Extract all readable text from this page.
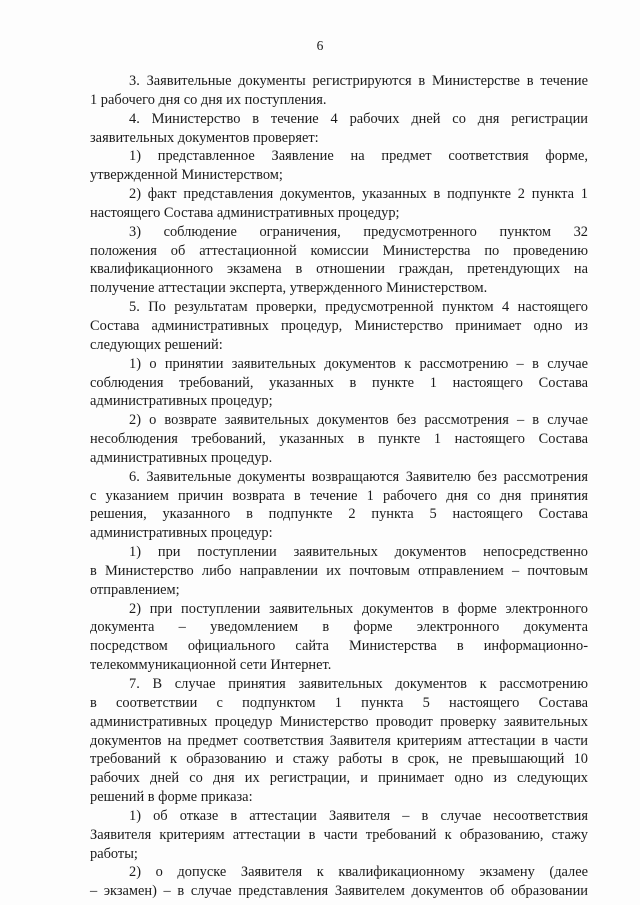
6
3. Заявительные документы регистрируются в Министерстве в течение
1 рабочего дня со дня их поступления.
4. Министерство в течение 4 рабочих дней со дня регистрации
заявительных документов проверяет:
1) представленное Заявление на предмет соответствия форме,
утвержденной Министерством;
2) факт представления документов, указанных в подпункте 2 пункта 1
настоящего Состава административных процедур;
3) соблюдение ограничения, предусмотренного пунктом 32
положения об аттестационной комиссии Министерства по проведению
квалификационного экзамена в отношении граждан, претендующих на
получение аттестации эксперта, утвержденного Министерством.
5. По результатам проверки, предусмотренной пунктом 4 настоящего
Состава административных процедур, Министерство принимает одно из
следующих решений:
1) о принятии заявительных документов к рассмотрению – в случае
соблюдения требований, указанных в пункте 1 настоящего Состава
административных процедур;
2) о возврате заявительных документов без рассмотрения – в случае
несоблюдения требований, указанных в пункте 1 настоящего Состава
административных процедур.
6. Заявительные документы возвращаются Заявителю без рассмотрения
с указанием причин возврата в течение 1 рабочего дня со дня принятия
решения, указанного в подпункте 2 пункта 5 настоящего Состава
административных процедур:
1) при поступлении заявительных документов непосредственно
в Министерство либо направлении их почтовым отправлением – почтовым
отправлением;
2) при поступлении заявительных документов в форме электронного
документа – уведомлением в форме электронного документа
посредством официального сайта Министерства в информационно-
телекоммуникационной сети Интернет.
7. В случае принятия заявительных документов к рассмотрению
в соответствии с подпунктом 1 пункта 5 настоящего Состава
административных процедур Министерство проводит проверку заявительных
документов на предмет соответствия Заявителя критериям аттестации в части
требований к образованию и стажу работы в срок, не превышающий 10
рабочих дней со дня их регистрации, и принимает одно из следующих
решений в форме приказа:
1) об отказе в аттестации Заявителя – в случае несоответствия
Заявителя критериям аттестации в части требований к образованию, стажу
работы;
2) о допуске Заявителя к квалификационному экзамену (далее
– экзамен) – в случае представления Заявителем документов об образовании
